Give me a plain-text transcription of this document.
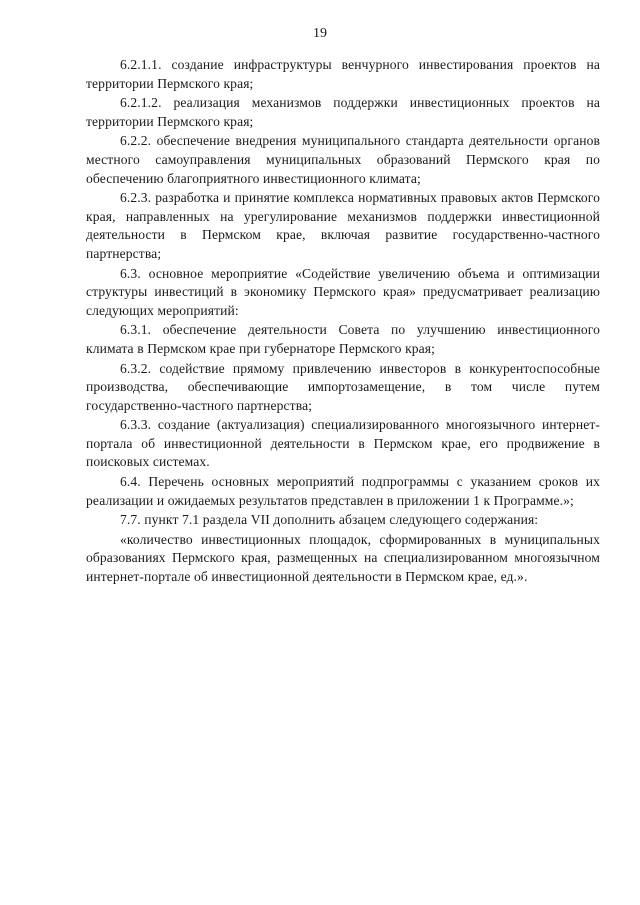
19

6.2.1.1. создание инфраструктуры венчурного инвестирования проектов на территории Пермского края;

6.2.1.2. реализация механизмов поддержки инвестиционных проектов на территории Пермского края;

6.2.2. обеспечение внедрения муниципального стандарта деятельности органов местного самоуправления муниципальных образований Пермского края по обеспечению благоприятного инвестиционного климата;

6.2.3. разработка и принятие комплекса нормативных правовых актов Пермского края, направленных на урегулирование механизмов поддержки инвестиционной деятельности в Пермском крае, включая развитие государственно-частного партнерства;

6.3. основное мероприятие «Содействие увеличению объема и оптимизации структуры инвестиций в экономику Пермского края» предусматривает реализацию следующих мероприятий:

6.3.1. обеспечение деятельности Совета по улучшению инвестиционного климата в Пермском крае при губернаторе Пермского края;

6.3.2. содействие прямому привлечению инвесторов в конкурентоспособные производства, обеспечивающие импортозамещение, в том числе путем государственно-частного партнерства;

6.3.3. создание (актуализация) специализированного многоязычного интернет-портала об инвестиционной деятельности в Пермском крае, его продвижение в поисковых системах.

6.4. Перечень основных мероприятий подпрограммы с указанием сроков их реализации и ожидаемых результатов представлен в приложении 1 к Программе.»;

7.7. пункт 7.1 раздела VII дополнить абзацем следующего содержания:

«количество инвестиционных площадок, сформированных в муниципальных образованиях Пермского края, размещенных на специализированном многоязычном интернет-портале об инвестиционной деятельности в Пермском крае, ед.».
